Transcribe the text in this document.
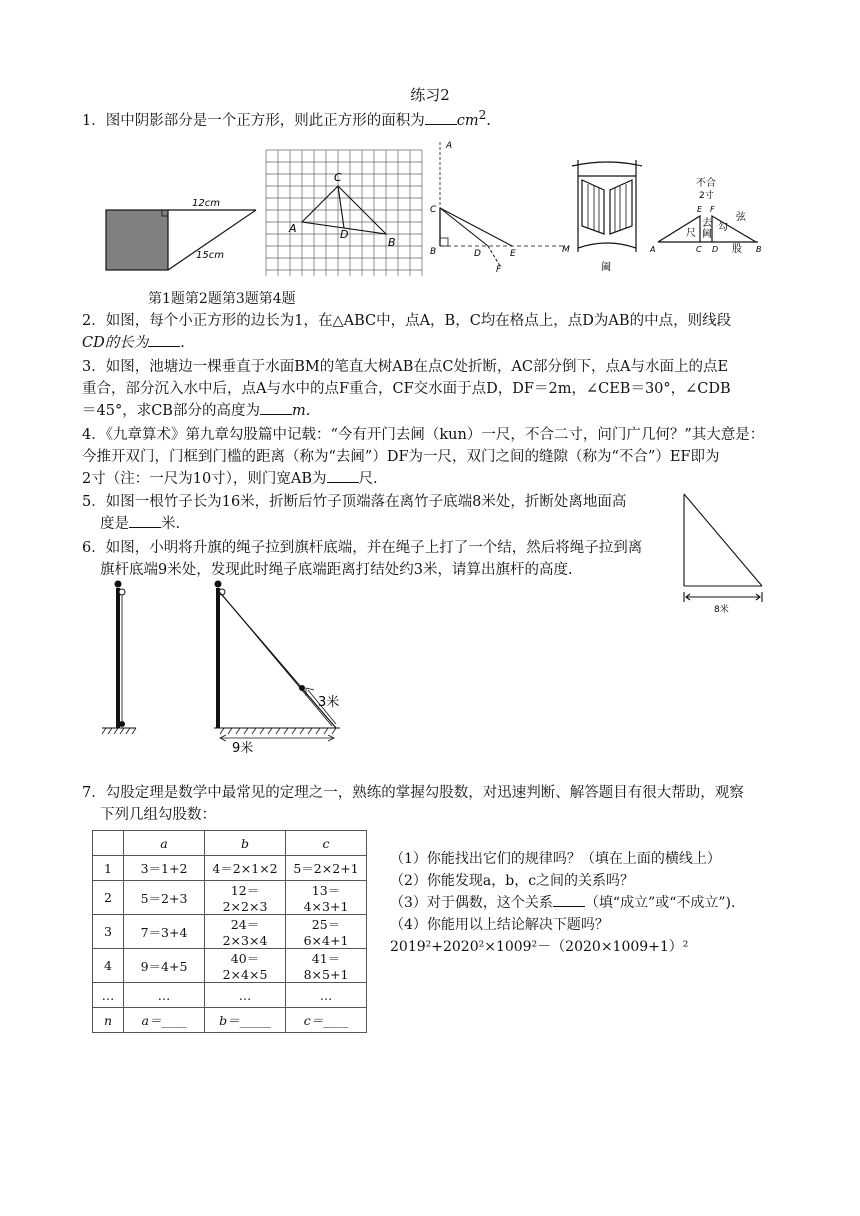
练习2
1．图中阴影部分是一个正方形，则此正方形的面积为 $cm^2$.
12cm
15cm
C
A	D
B
A
C
B	D	E
F
M
阖
不合
2寸
E F
去
阃
尺
勾
弦
股
A	C D	B
第1题第2题第3题第4题
2．如图，每个小正方形的边长为1，在△ABC中，点A，B，C均在格点上，点D为AB的中点，则线段
CD的长为 .
3．如图，池塘边一棵垂直于水面BM的笔直大树AB在点C处折断，AC部分倒下，点A与水面上的点E
重合，部分沉入水中后，点A与水中的点F重合，CF交水面于点D，DF＝2m，∠CEB＝30°，∠CDB
＝45°，求CB部分的高度为 m.
4．《九章算术》第九章勾股篇中记载：“今有开门去阃（kun）一尺，不合二寸，问门广几何？”其大意是：
今推开双门，门框到门槛的距离（称为“去阃”）DF为一尺，双门之间的缝隙（称为“不合”）EF即为
2寸（注：一尺为10寸），则门宽AB为 尺.
5．如图一根竹子长为16米，折断后竹子顶端落在离竹子底端8米处，折断处离地面高
度是 米.
8米
6．如图，小明将升旗的绳子拉到旗杆底端，并在绳子上打了一个结，然后将绳子拉到离
旗杆底端9米处，发现此时绳子底端距离打结处约3米，请算出旗杆的高度.
3米
9米
7．勾股定理是数学中最常见的定理之一，熟练的掌握勾股数，对迅速判断、解答题目有很大帮助，观察
下列几组勾股数：
	a	b	c
1	3＝1+2	4＝2×1×2	5＝2×2+1
2	5＝2+3	12＝2×2×3	13＝4×3+1
3	7＝3+4	24＝2×3×4	25＝6×4+1
4	9＝4+5	40＝2×4×5	41＝8×5+1
…	…	…	…
n	a＝____	b＝_____	c＝____
（1）你能找出它们的规律吗？（填在上面的横线上）
（2）你能发现a，b，c之间的关系吗？
（3）对于偶数，这个关系 （填“成立”或“不成立”).
（4）你能用以上结论解决下题吗？
2019²+2020²×1009²－（2020×1009+1）²
